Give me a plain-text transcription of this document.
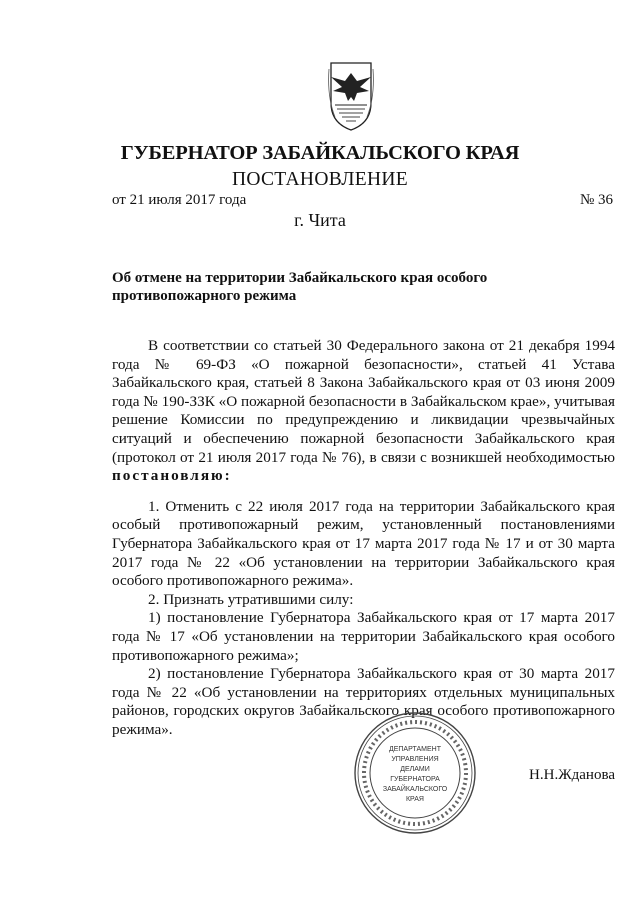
ГУБЕРНАТОР ЗАБАЙКАЛЬСКОГО КРАЯ
ПОСТАНОВЛЕНИЕ
от 21 июля 2017 года	№ 36
г. Чита
Об отмене на территории Забайкальского края особого
противопожарного режима

В соответствии со статьей 30 Федерального закона от 21 декабря 1994 года № 69-ФЗ «О пожарной безопасности», статьей 41 Устава Забайкальского края, статьей 8 Закона Забайкальского края от 03 июня 2009 года № 190-ЗЗК «О пожарной безопасности в Забайкальском крае», учитывая решение Комиссии по предупреждению и ликвидации чрезвычайных ситуаций и обеспечению пожарной безопасности Забайкальского края (протокол от 21 июля 2017 года № 76), в связи с возникшей необходимостью постановляю:

1. Отменить с 22 июля 2017 года на территории Забайкальского края особый противопожарный режим, установленный постановлениями Губернатора Забайкальского края от 17 марта 2017 года № 17 и от 30 марта 2017 года № 22 «Об установлении на территории Забайкальского края особого противопожарного режима».

2. Признать утратившими силу:

1) постановление Губернатора Забайкальского края от 17 марта 2017 года № 17 «Об установлении на территории Забайкальского края особого противопожарного режима»;

2) постановление Губернатора Забайкальского края от 30 марта 2017 года № 22 «Об установлении на территориях отдельных муниципальных районов, городских округов Забайкальского края особого противопожарного режима».

ДЕПАРТАМЕНТ
УПРАВЛЕНИЯ
ДЕЛАМИ
ГУБЕРНАТОРА
ЗАБАЙКАЛЬСКОГО
КРАЯ
Н.Н.Жданова
